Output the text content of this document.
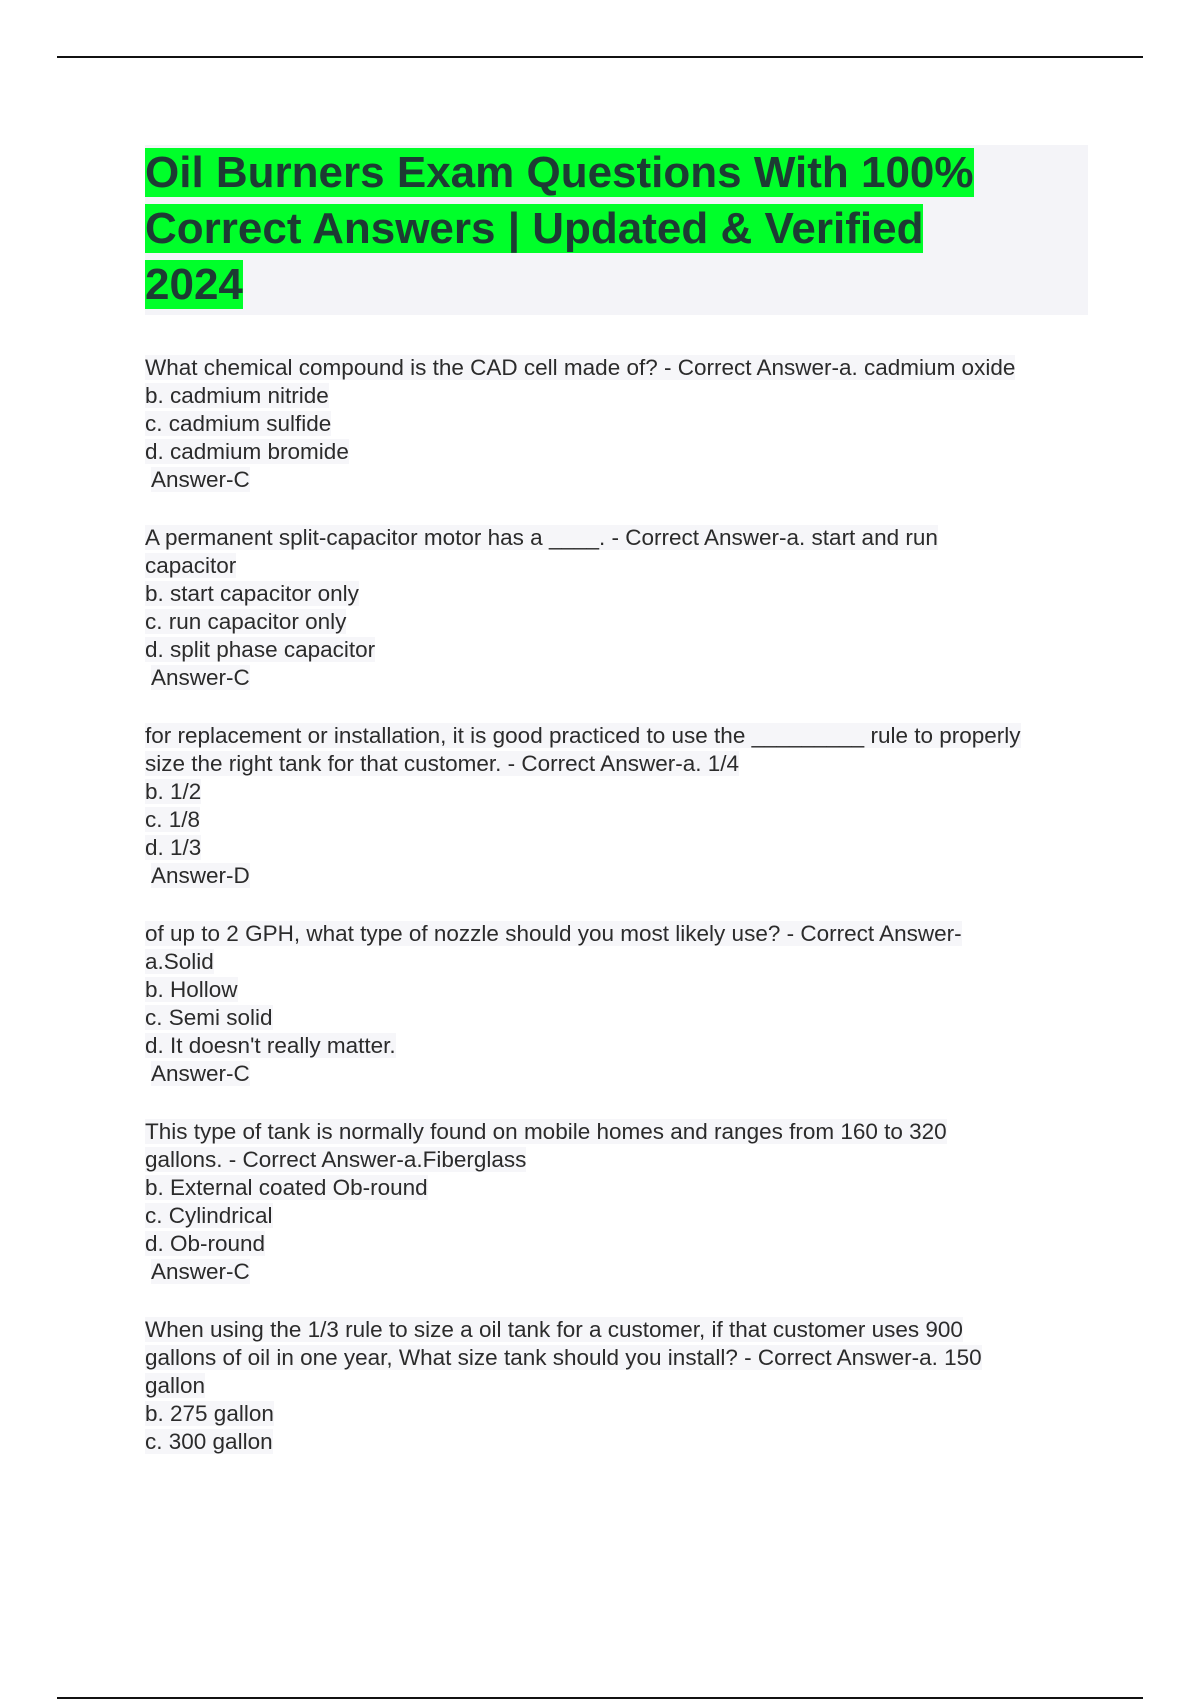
Oil Burners Exam Questions With 100%
Correct Answers | Updated & Verified
2024
What chemical compound is the CAD cell made of? - Correct Answer-a. cadmium oxide
b. cadmium nitride
c. cadmium sulfide
d. cadmium bromide
Answer-C
A permanent split-capacitor motor has a ____. - Correct Answer-a. start and run
capacitor
b. start capacitor only
c. run capacitor only
d. split phase capacitor
Answer-C
for replacement or installation, it is good practiced to use the _________ rule to properly
size the right tank for that customer. - Correct Answer-a. 1/4
b. 1/2
c. 1/8
d. 1/3
Answer-D
of up to 2 GPH, what type of nozzle should you most likely use? - Correct Answer-
a.Solid
b. Hollow
c. Semi solid
d. It doesn't really matter.
Answer-C
This type of tank is normally found on mobile homes and ranges from 160 to 320
gallons. - Correct Answer-a.Fiberglass
b. External coated Ob-round
c. Cylindrical
d. Ob-round
Answer-C
When using the 1/3 rule to size a oil tank for a customer, if that customer uses 900
gallons of oil in one year, What size tank should you install? - Correct Answer-a. 150
gallon
b. 275 gallon
c. 300 gallon
